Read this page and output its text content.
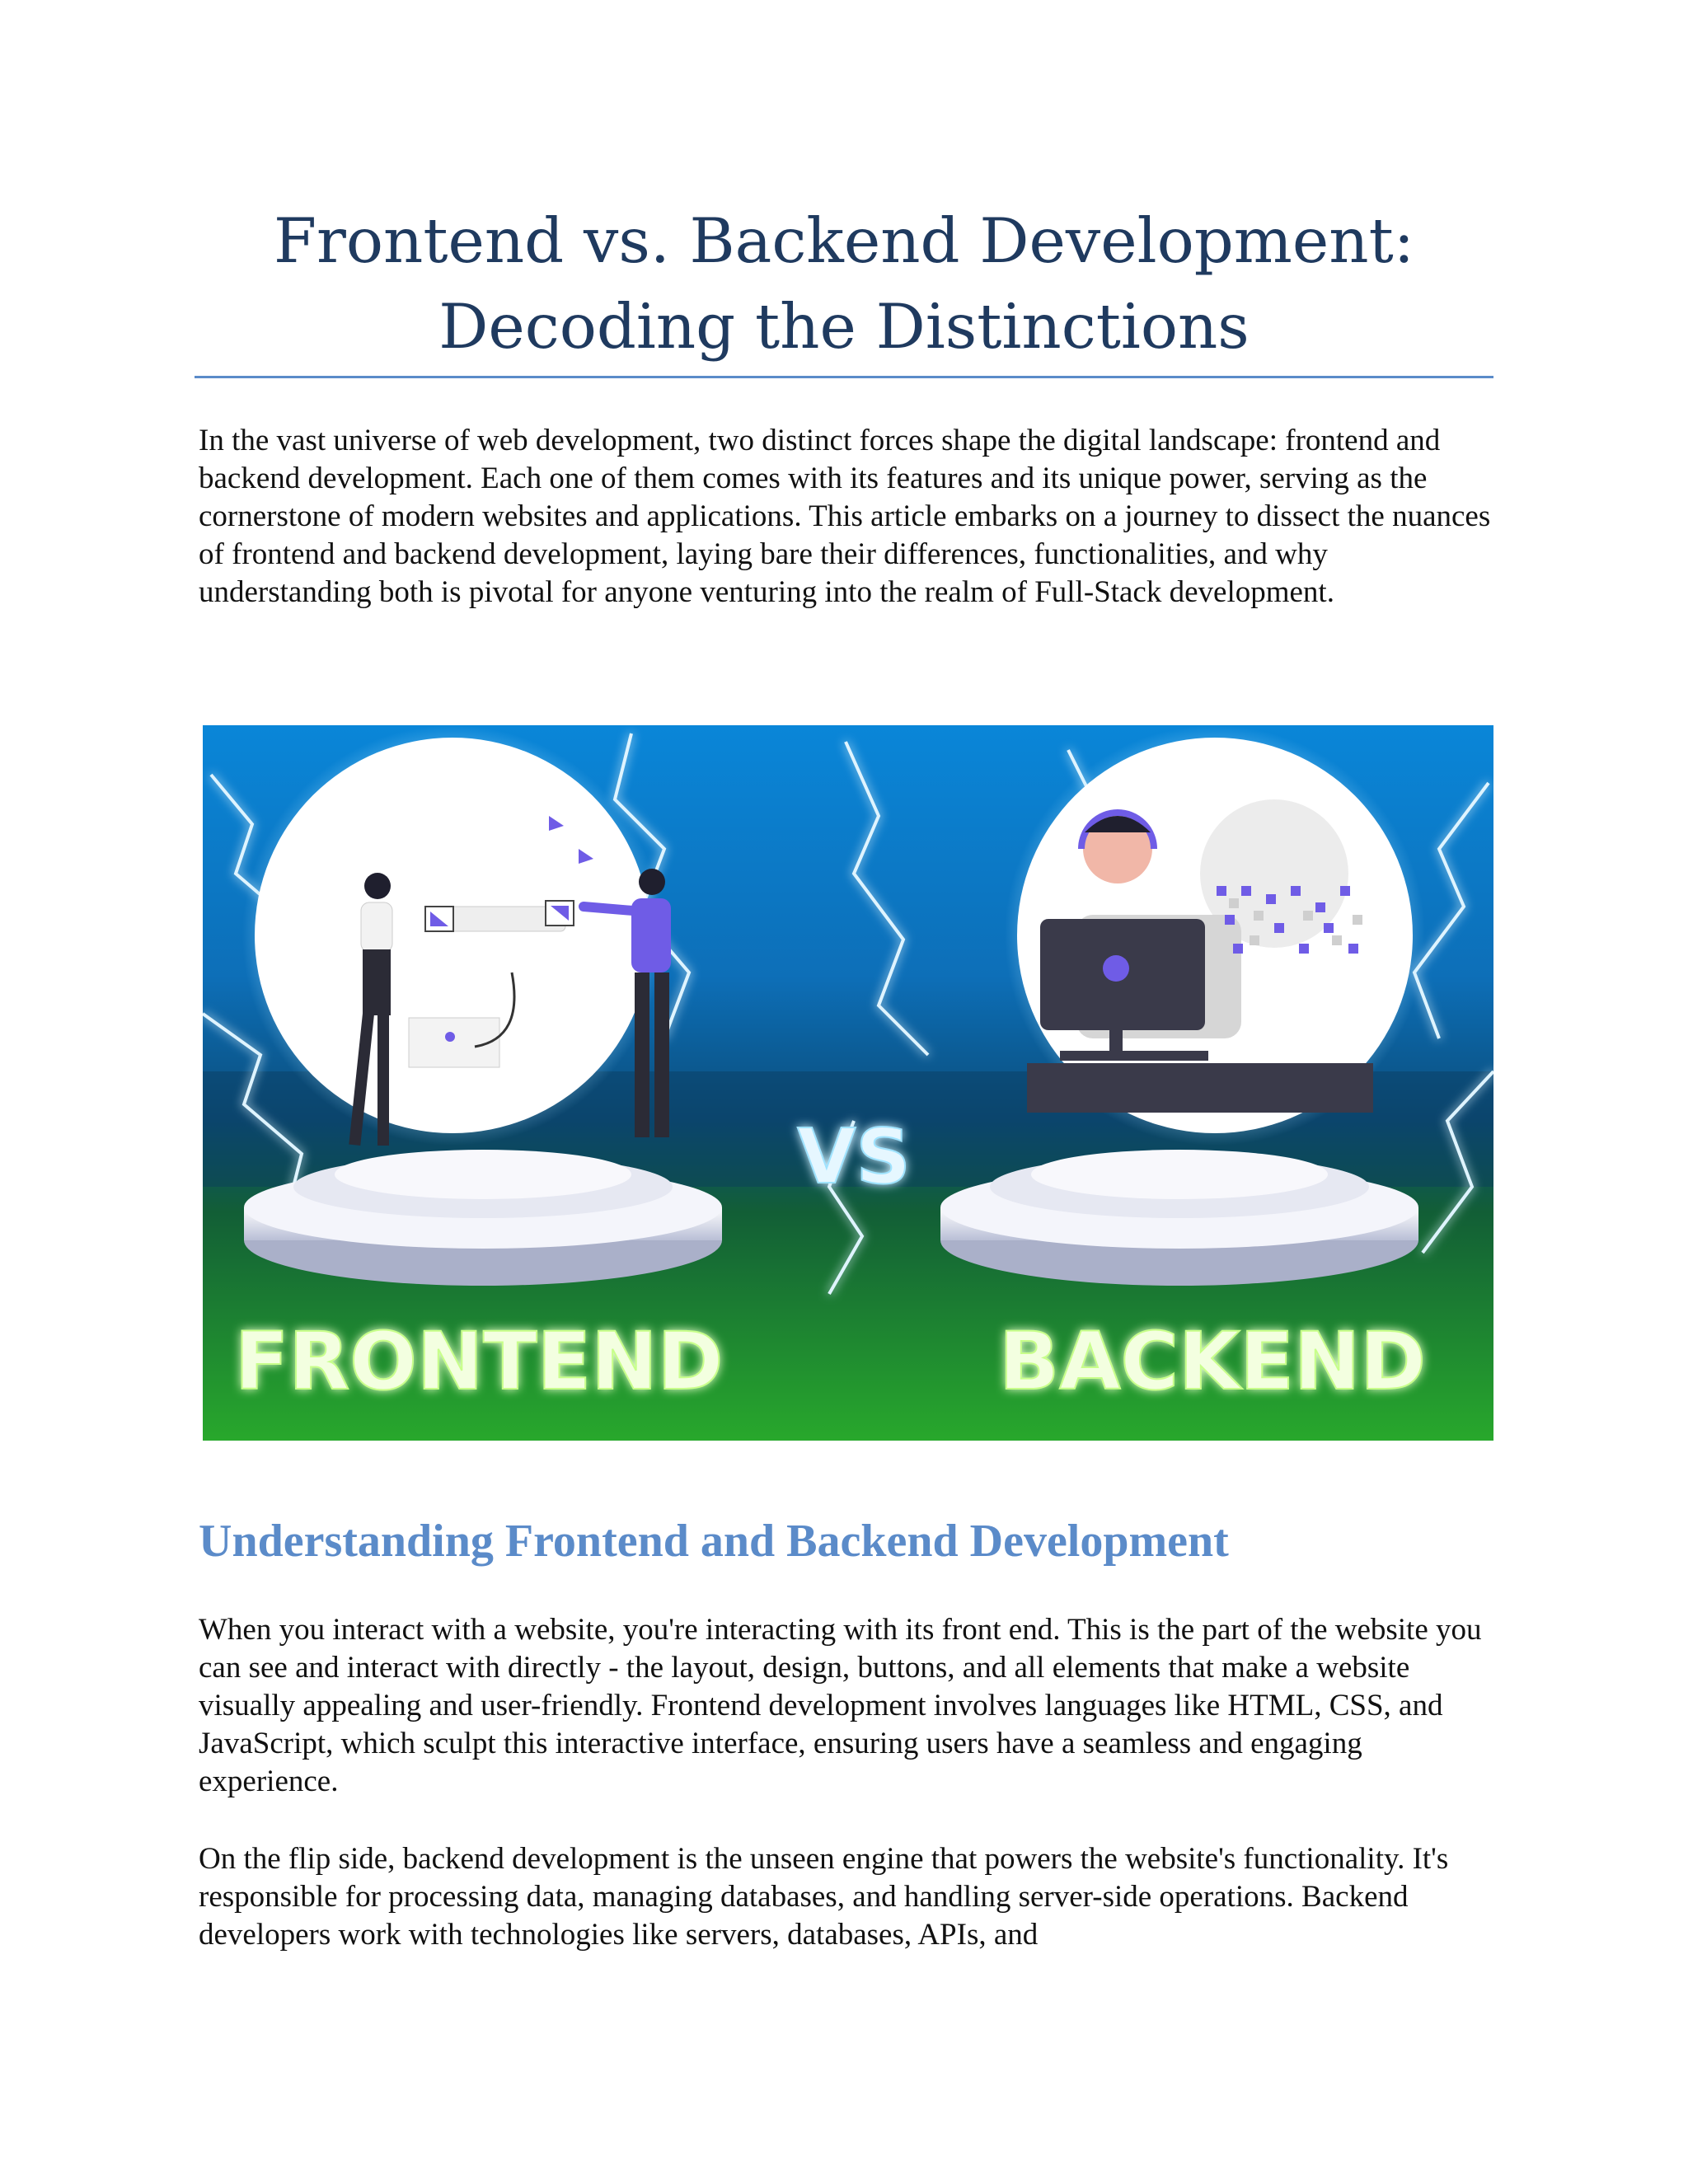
Frontend vs. Backend Development:
Decoding the Distinctions

In the vast universe of web development, two distinct forces shape the digital landscape: frontend and backend development. Each one of them comes with its features and its unique power, serving as the cornerstone of modern websites and applications. This article embarks on a journey to dissect the nuances of frontend and backend development, laying bare their differences, functionalities, and why understanding both is pivotal for anyone venturing into the realm of Full-Stack development.

VS
FRONTEND	BACKEND
Understanding Frontend and Backend Development

When you interact with a website, you're interacting with its front end. This is the part of the website you can see and interact with directly - the layout, design, buttons, and all elements that make a website visually appealing and user-friendly. Frontend development involves languages like HTML, CSS, and JavaScript, which sculpt this interactive interface, ensuring users have a seamless and engaging experience.

On the flip side, backend development is the unseen engine that powers the website's functionality. It's responsible for processing data, managing databases, and handling server-side operations. Backend developers work with technologies like servers, databases, APIs, and
